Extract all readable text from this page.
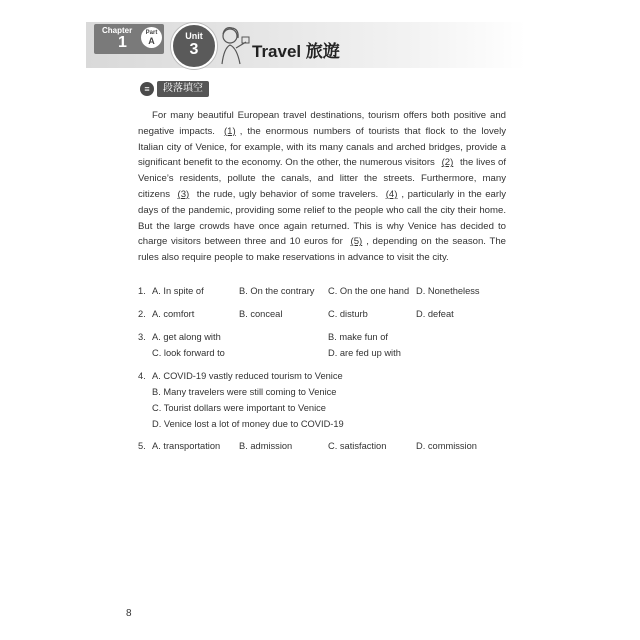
Chapter
1
Part
A	Unit
3	Travel 旅遊
≡ 段落填空

For many beautiful European travel destinations, tourism offers both positive and negative impacts. (1) , the enormous numbers of tourists that flock to the lovely Italian city of Venice, for example, with its many canals and arched bridges, provide a significant benefit to the economy. On the other, the numerous visitors (2) the lives of Venice’s residents, pollute the canals, and litter the streets. Furthermore, many citizens (3) the rude, ugly behavior of some travelers. (4) , particularly in the early days of the pandemic, providing some relief to the people who call the city their home. But the large crowds have once again returned. This is why Venice has decided to charge visitors between three and 10 euros for (5) , depending on the season. The rules also require people to make reservations in advance to visit the city.

1. A. In spite of	B. On the contrary C. On the one hand D. Nonetheless
2. A. comfort	B. conceal	C. disturb	D. defeat
3. A. get along with	B. make fun of
C. look forward to	D. are fed up with
4. A. COVID-19 vastly reduced tourism to Venice
B. Many travelers were still coming to Venice
C. Tourist dollars were important to Venice
D. Venice lost a lot of money due to COVID-19
5. A. transportation B. admission	C. satisfaction	D. commission
8
